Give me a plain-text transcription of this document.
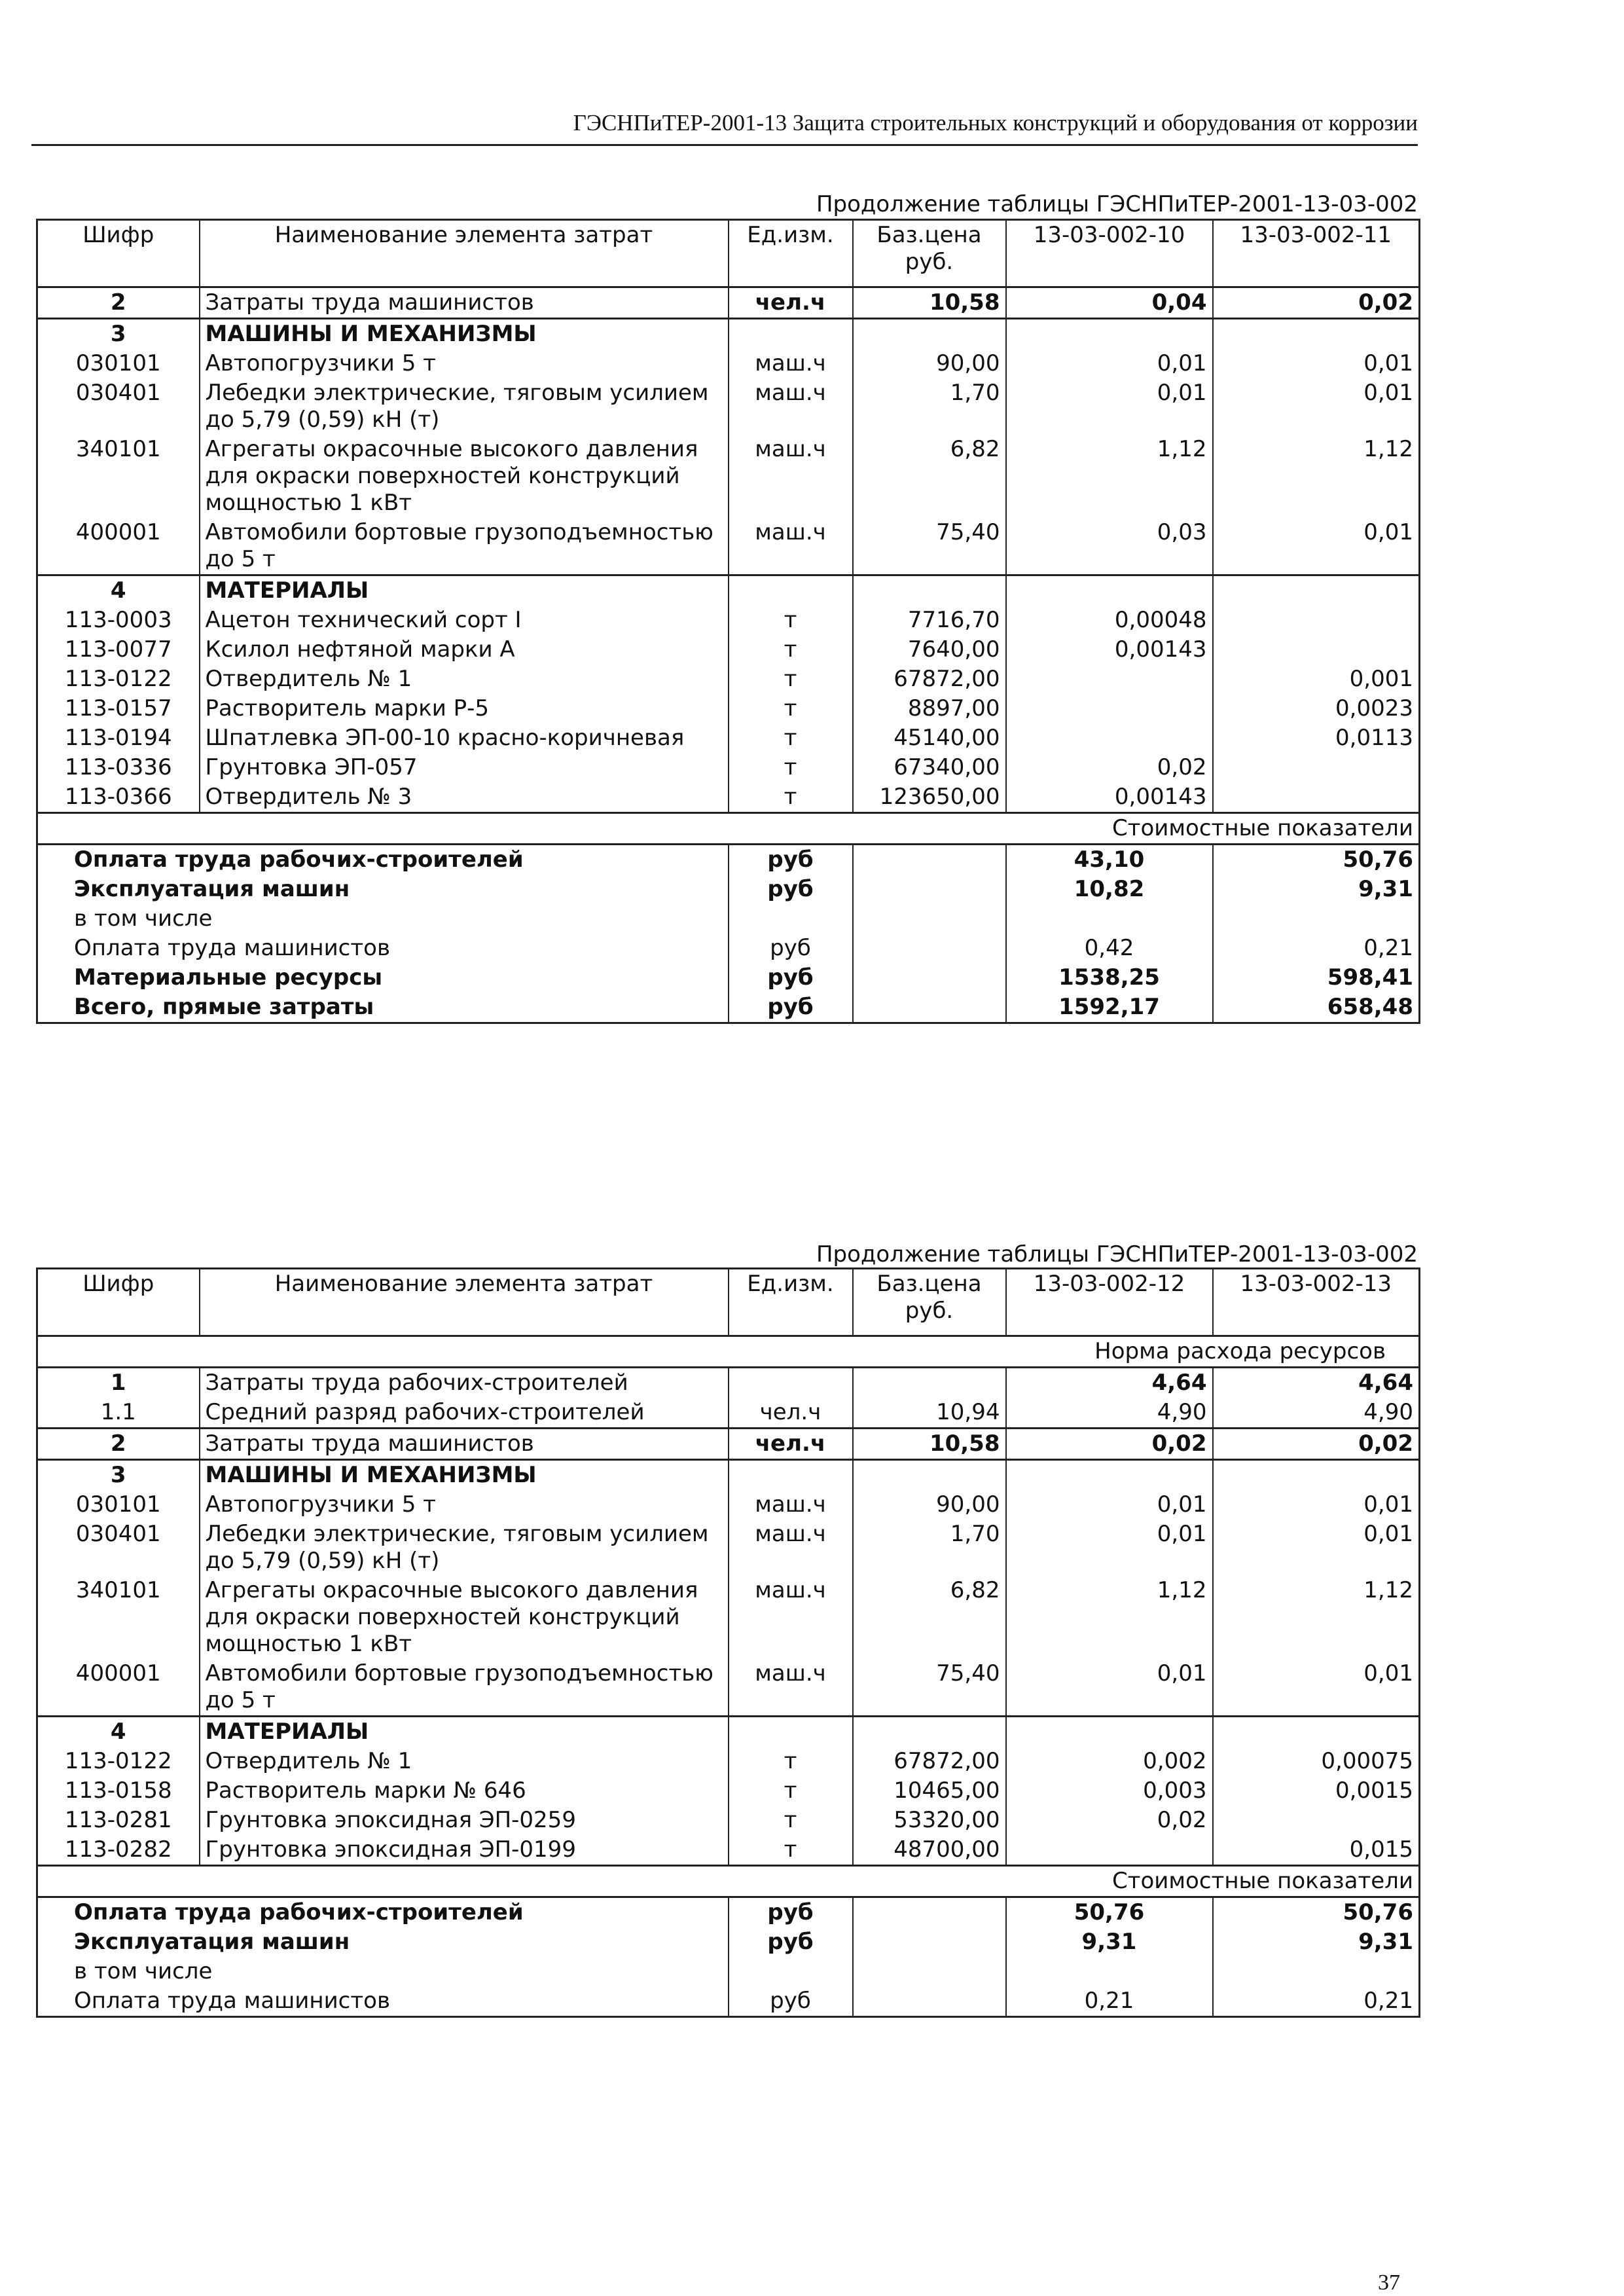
ГЭСНПиТЕР-2001-13 Защита строительных конструкций и оборудования от коррозии
Продолжение таблицы ГЭСНПиТЕР-2001-13-03-002
Шифр	Наименование элемента затрат	Ед.изм.	Баз.цена руб.	13-03-002-10	13-03-002-11
2	Затраты труда машинистов	чел.ч	10,58	0,04	0,02
3	МАШИНЫ И МЕХАНИЗМЫ				
030101	Автопогрузчики 5 т	маш.ч	90,00	0,01	0,01
030401	Лебедки электрические, тяговым усилием до 5,79 (0,59) кН (т)	маш.ч	1,70	0,01	0,01
340101	Агрегаты окрасочные высокого давления для окраски поверхностей конструкций мощностью 1 кВт	маш.ч	6,82	1,12	1,12
400001	Автомобили бортовые грузоподъемностью до 5 т	маш.ч	75,40	0,03	0,01
4	МАТЕРИАЛЫ				
113-0003	Ацетон технический сорт I	т	7716,70	0,00048	
113-0077	Ксилол нефтяной марки А	т	7640,00	0,00143	
113-0122	Отвердитель № 1	т	67872,00		0,001
113-0157	Растворитель марки Р-5	т	8897,00		0,0023
113-0194	Шпатлевка ЭП-00-10 красно-коричневая	т	45140,00		0,0113
113-0336	Грунтовка ЭП-057	т	67340,00	0,02	
113-0366	Отвердитель № 3	т	123650,00	0,00143	
Стоимостные показатели					
Оплата труда рабочих-строителей		руб		43,10	50,76
Эксплуатация машин		руб		10,82	9,31
в том числе					
Оплата труда машинистов		руб		0,42	0,21
Материальные ресурсы		руб		1538,25	598,41
Всего, прямые затраты		руб		1592,17	658,48
Продолжение таблицы ГЭСНПиТЕР-2001-13-03-002
Шифр	Наименование элемента затрат	Ед.изм.	Баз.цена руб.	13-03-002-12	13-03-002-13
Норма расхода ресурсов					
1	Затраты труда рабочих-строителей			4,64	4,64
1.1	Средний разряд рабочих-строителей	чел.ч	10,94	4,90	4,90
2	Затраты труда машинистов	чел.ч	10,58	0,02	0,02
3	МАШИНЫ И МЕХАНИЗМЫ				
030101	Автопогрузчики 5 т	маш.ч	90,00	0,01	0,01
030401	Лебедки электрические, тяговым усилием до 5,79 (0,59) кН (т)	маш.ч	1,70	0,01	0,01
340101	Агрегаты окрасочные высокого давления для окраски поверхностей конструкций мощностью 1 кВт	маш.ч	6,82	1,12	1,12
400001	Автомобили бортовые грузоподъемностью до 5 т	маш.ч	75,40	0,01	0,01
4	МАТЕРИАЛЫ				
113-0122	Отвердитель № 1	т	67872,00	0,002	0,00075
113-0158	Растворитель марки № 646	т	10465,00	0,003	0,0015
113-0281	Грунтовка эпоксидная ЭП-0259	т	53320,00	0,02	
113-0282	Грунтовка эпоксидная ЭП-0199	т	48700,00		0,015
Стоимостные показатели					
Оплата труда рабочих-строителей		руб		50,76	50,76
Эксплуатация машин		руб		9,31	9,31
в том числе					
Оплата труда машинистов		руб		0,21	0,21
37
